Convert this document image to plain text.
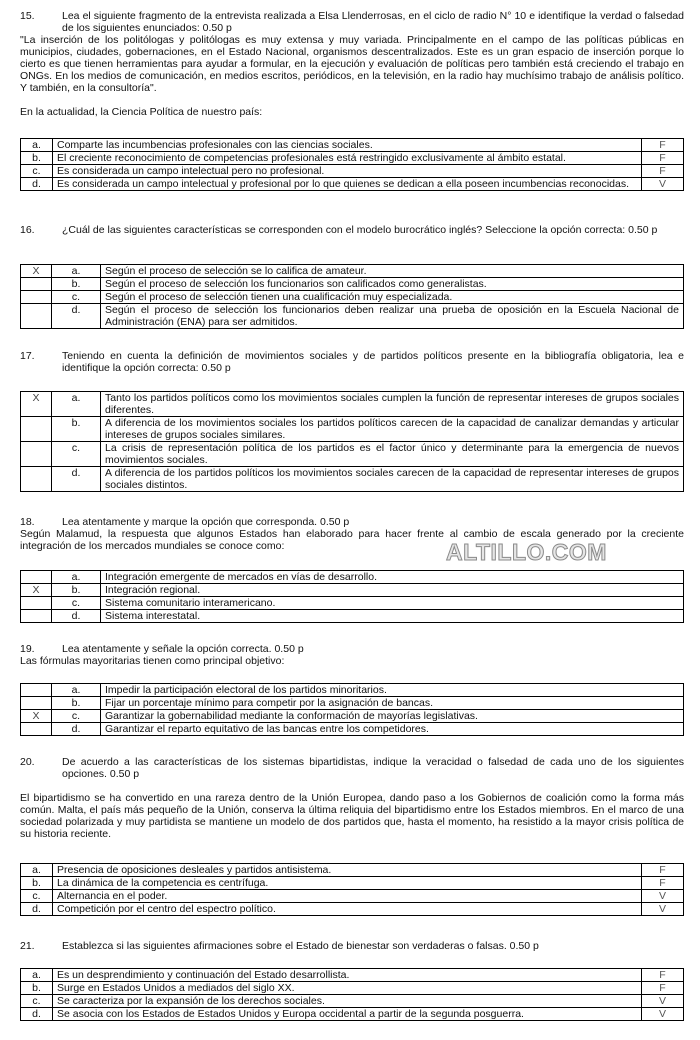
15.	Lea el siguiente fragmento de la entrevista realizada a Elsa Llenderrosas, en el ciclo de radio N° 10 e identifique la verdad o falsedad de los siguientes enunciados: 0.50 p

"La inserción de los politólogas y politólogas es muy extensa y muy variada. Principalmente en el campo de las políticas públicas en municipios, ciudades, gobernaciones, en el Estado Nacional, organismos descentralizados. Este es un gran espacio de inserción porque lo cierto es que tienen herramientas para ayudar a formular, en la ejecución y evaluación de políticas pero también está creciendo el trabajo en ONGs. En los medios de comunicación, en medios escritos, periódicos, en la televisión, en la radio hay muchísimo trabajo de análisis político. Y también, en la consultoría".

En la actualidad, la Ciencia Política de nuestro país:

a.	Comparte las incumbencias profesionales con las ciencias sociales.	F
b.	El creciente reconocimiento de competencias profesionales está restringido exclusivamente al ámbito estatal.	F
c.	Es considerada un campo intelectual pero no profesional.	F
d.	Es considerada un campo intelectual y profesional por lo que quienes se dedican a ella poseen incumbencias reconocidas.	V
16.	¿Cuál de las siguientes características se corresponden con el modelo burocrático inglés? Seleccione la opción correcta: 0.50 p
X	a.	Según el proceso de selección se lo califica de amateur.
	b.	Según el proceso de selección los funcionarios son calificados como generalistas.
	c.	Según el proceso de selección tienen una cualificación muy especializada.
	d.	Según el proceso de selección los funcionarios deben realizar una prueba de oposición en la Escuela Nacional de Administración (ENA) para ser admitidos.
17.	Teniendo en cuenta la definición de movimientos sociales y de partidos políticos presente en la bibliografía obligatoria, lea e identifique la opción correcta: 0.50 p
X	a.	Tanto los partidos políticos como los movimientos sociales cumplen la función de representar intereses de grupos sociales diferentes.
	b.	A diferencia de los movimientos sociales los partidos políticos carecen de la capacidad de canalizar demandas y articular intereses de grupos sociales similares.
	c.	La crisis de representación política de los partidos es el factor único y determinante para la emergencia de nuevos movimientos sociales.
	d.	A diferencia de los partidos políticos los movimientos sociales carecen de la capacidad de representar intereses de grupos sociales distintos.
18.	Lea atentamente y marque la opción que corresponda. 0.50 p

Según Malamud, la respuesta que algunos Estados han elaborado para hacer frente al cambio de escala generado por la creciente integración de los mercados mundiales se conoce como:

	a.	Integración emergente de mercados en vías de desarrollo.
X	b.	Integración regional.
	c.	Sistema comunitario interamericano.
	d.	Sistema interestatal.
19.	Lea atentamente y señale la opción correcta. 0.50 p

Las fórmulas mayoritarias tienen como principal objetivo:

	a.	Impedir la participación electoral de los partidos minoritarios.
	b.	Fijar un porcentaje mínimo para competir por la asignación de bancas.
X	c.	Garantizar la gobernabilidad mediante la conformación de mayorías legislativas.
	d.	Garantizar el reparto equitativo de las bancas entre los competidores.
20.	De acuerdo a las características de los sistemas bipartidistas, indique la veracidad o falsedad de cada uno de los siguientes opciones. 0.50 p

El bipartidismo se ha convertido en una rareza dentro de la Unión Europea, dando paso a los Gobiernos de coalición como la forma más común. Malta, el país más pequeño de la Unión, conserva la última reliquia del bipartidismo entre los Estados miembros. En el marco de una sociedad polarizada y muy partidista se mantiene un modelo de dos partidos que, hasta el momento, ha resistido a la mayor crisis política de su historia reciente.

a.	Presencia de oposiciones desleales y partidos antisistema.	F
b.	La dinámica de la competencia es centrífuga.	F
c.	Alternancia en el poder.	V
d.	Competición por el centro del espectro político.	V
21.	Establezca si las siguientes afirmaciones sobre el Estado de bienestar son verdaderas o falsas. 0.50 p
a.	Es un desprendimiento y continuación del Estado desarrollista.	F
b.	Surge en Estados Unidos a mediados del siglo XX.	F
c.	Se caracteriza por la expansión de los derechos sociales.	V
d.	Se asocia con los Estados de Estados Unidos y Europa occidental a partir de la segunda posguerra.	V
ALTILLO.COM
